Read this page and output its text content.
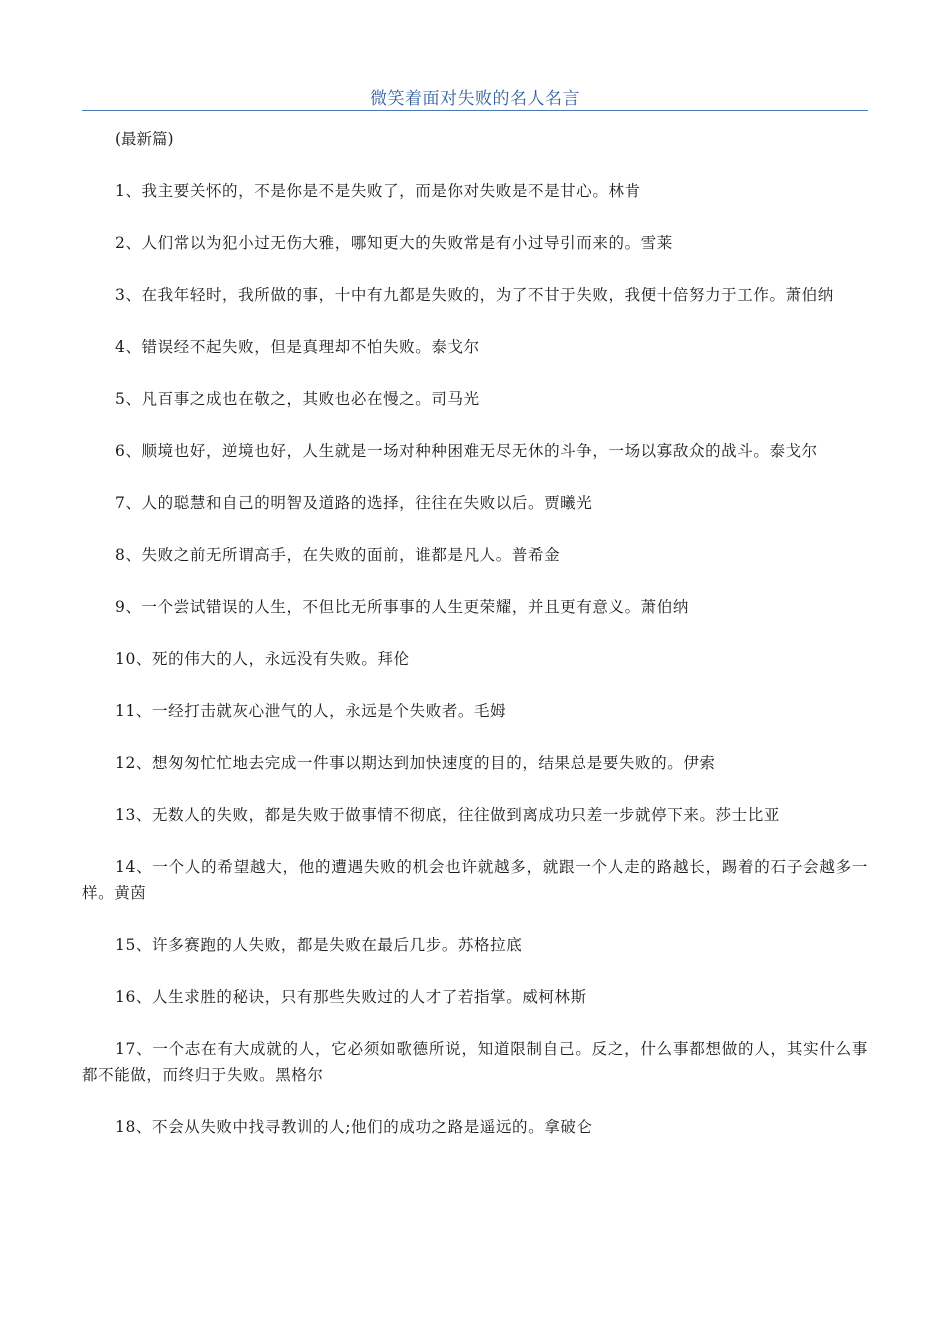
微笑着面对失败的名人名言

(最新篇)

1、我主要关怀的，不是你是不是失败了，而是你对失败是不是甘心。林肯

2、人们常以为犯小过无伤大雅，哪知更大的失败常是有小过导引而来的。雪莱

3、在我年轻时，我所做的事，十中有九都是失败的，为了不甘于失败，我便十倍努力于工作。萧伯纳

4、错误经不起失败，但是真理却不怕失败。泰戈尔

5、凡百事之成也在敬之，其败也必在慢之。司马光

6、顺境也好，逆境也好，人生就是一场对种种困难无尽无休的斗争，一场以寡敌众的战斗。泰戈尔

7、人的聪慧和自己的明智及道路的选择，往往在失败以后。贾曦光

8、失败之前无所谓高手，在失败的面前，谁都是凡人。普希金

9、一个尝试错误的人生，不但比无所事事的人生更荣耀，并且更有意义。萧伯纳

10、死的伟大的人，永远没有失败。拜伦

11、一经打击就灰心泄气的人，永远是个失败者。毛姆

12、想匆匆忙忙地去完成一件事以期达到加快速度的目的，结果总是要失败的。伊索

13、无数人的失败，都是失败于做事情不彻底，往往做到离成功只差一步就停下来。莎士比亚

14、一个人的希望越大，他的遭遇失败的机会也许就越多，就跟一个人走的路越长，踢着的石子会越多一样。黄茵

15、许多赛跑的人失败，都是失败在最后几步。苏格拉底

16、人生求胜的秘诀，只有那些失败过的人才了若指掌。威柯林斯

17、一个志在有大成就的人，它必须如歌德所说，知道限制自己。反之，什么事都想做的人，其实什么事都不能做，而终归于失败。黑格尔

18、不会从失败中找寻教训的人;他们的成功之路是遥远的。拿破仑
